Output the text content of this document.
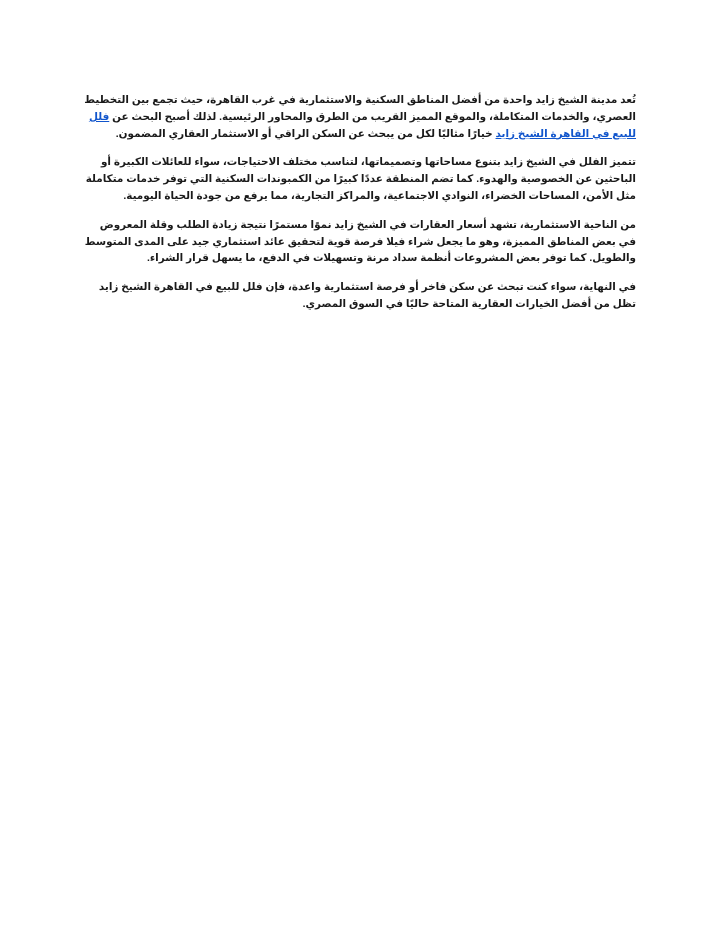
تُعد مدينة الشيخ زايد واحدة من أفضل المناطق السكنية والاستثمارية في غرب القاهرة، حيث تجمع بين التخطيط العصري، والخدمات المتكاملة، والموقع المميز القريب من الطرق والمحاور الرئيسية. لذلك أصبح البحث عن فلل للبيع في القاهرة الشيخ زايد خيارًا مثاليًا لكل من يبحث عن السكن الراقي أو الاستثمار العقاري المضمون.

تتميز الفلل في الشيخ زايد بتنوع مساحاتها وتصميماتها، لتناسب مختلف الاحتياجات، سواء للعائلات الكبيرة أو الباحثين عن الخصوصية والهدوء. كما تضم المنطقة عددًا كبيرًا من الكمبوندات السكنية التي توفر خدمات متكاملة مثل الأمن، المساحات الخضراء، النوادي الاجتماعية، والمراكز التجارية، مما يرفع من جودة الحياة اليومية.

من الناحية الاستثمارية، تشهد أسعار العقارات في الشيخ زايد نموًا مستمرًا نتيجة زيادة الطلب وقلة المعروض في بعض المناطق المميزة، وهو ما يجعل شراء فيلا فرصة قوية لتحقيق عائد استثماري جيد على المدى المتوسط والطويل. كما توفر بعض المشروعات أنظمة سداد مرنة وتسهيلات في الدفع، ما يسهل قرار الشراء.

في النهاية، سواء كنت تبحث عن سكن فاخر أو فرصة استثمارية واعدة، فإن فلل للبيع في القاهرة الشيخ زايد تظل من أفضل الخيارات العقارية المتاحة حاليًا في السوق المصري.
